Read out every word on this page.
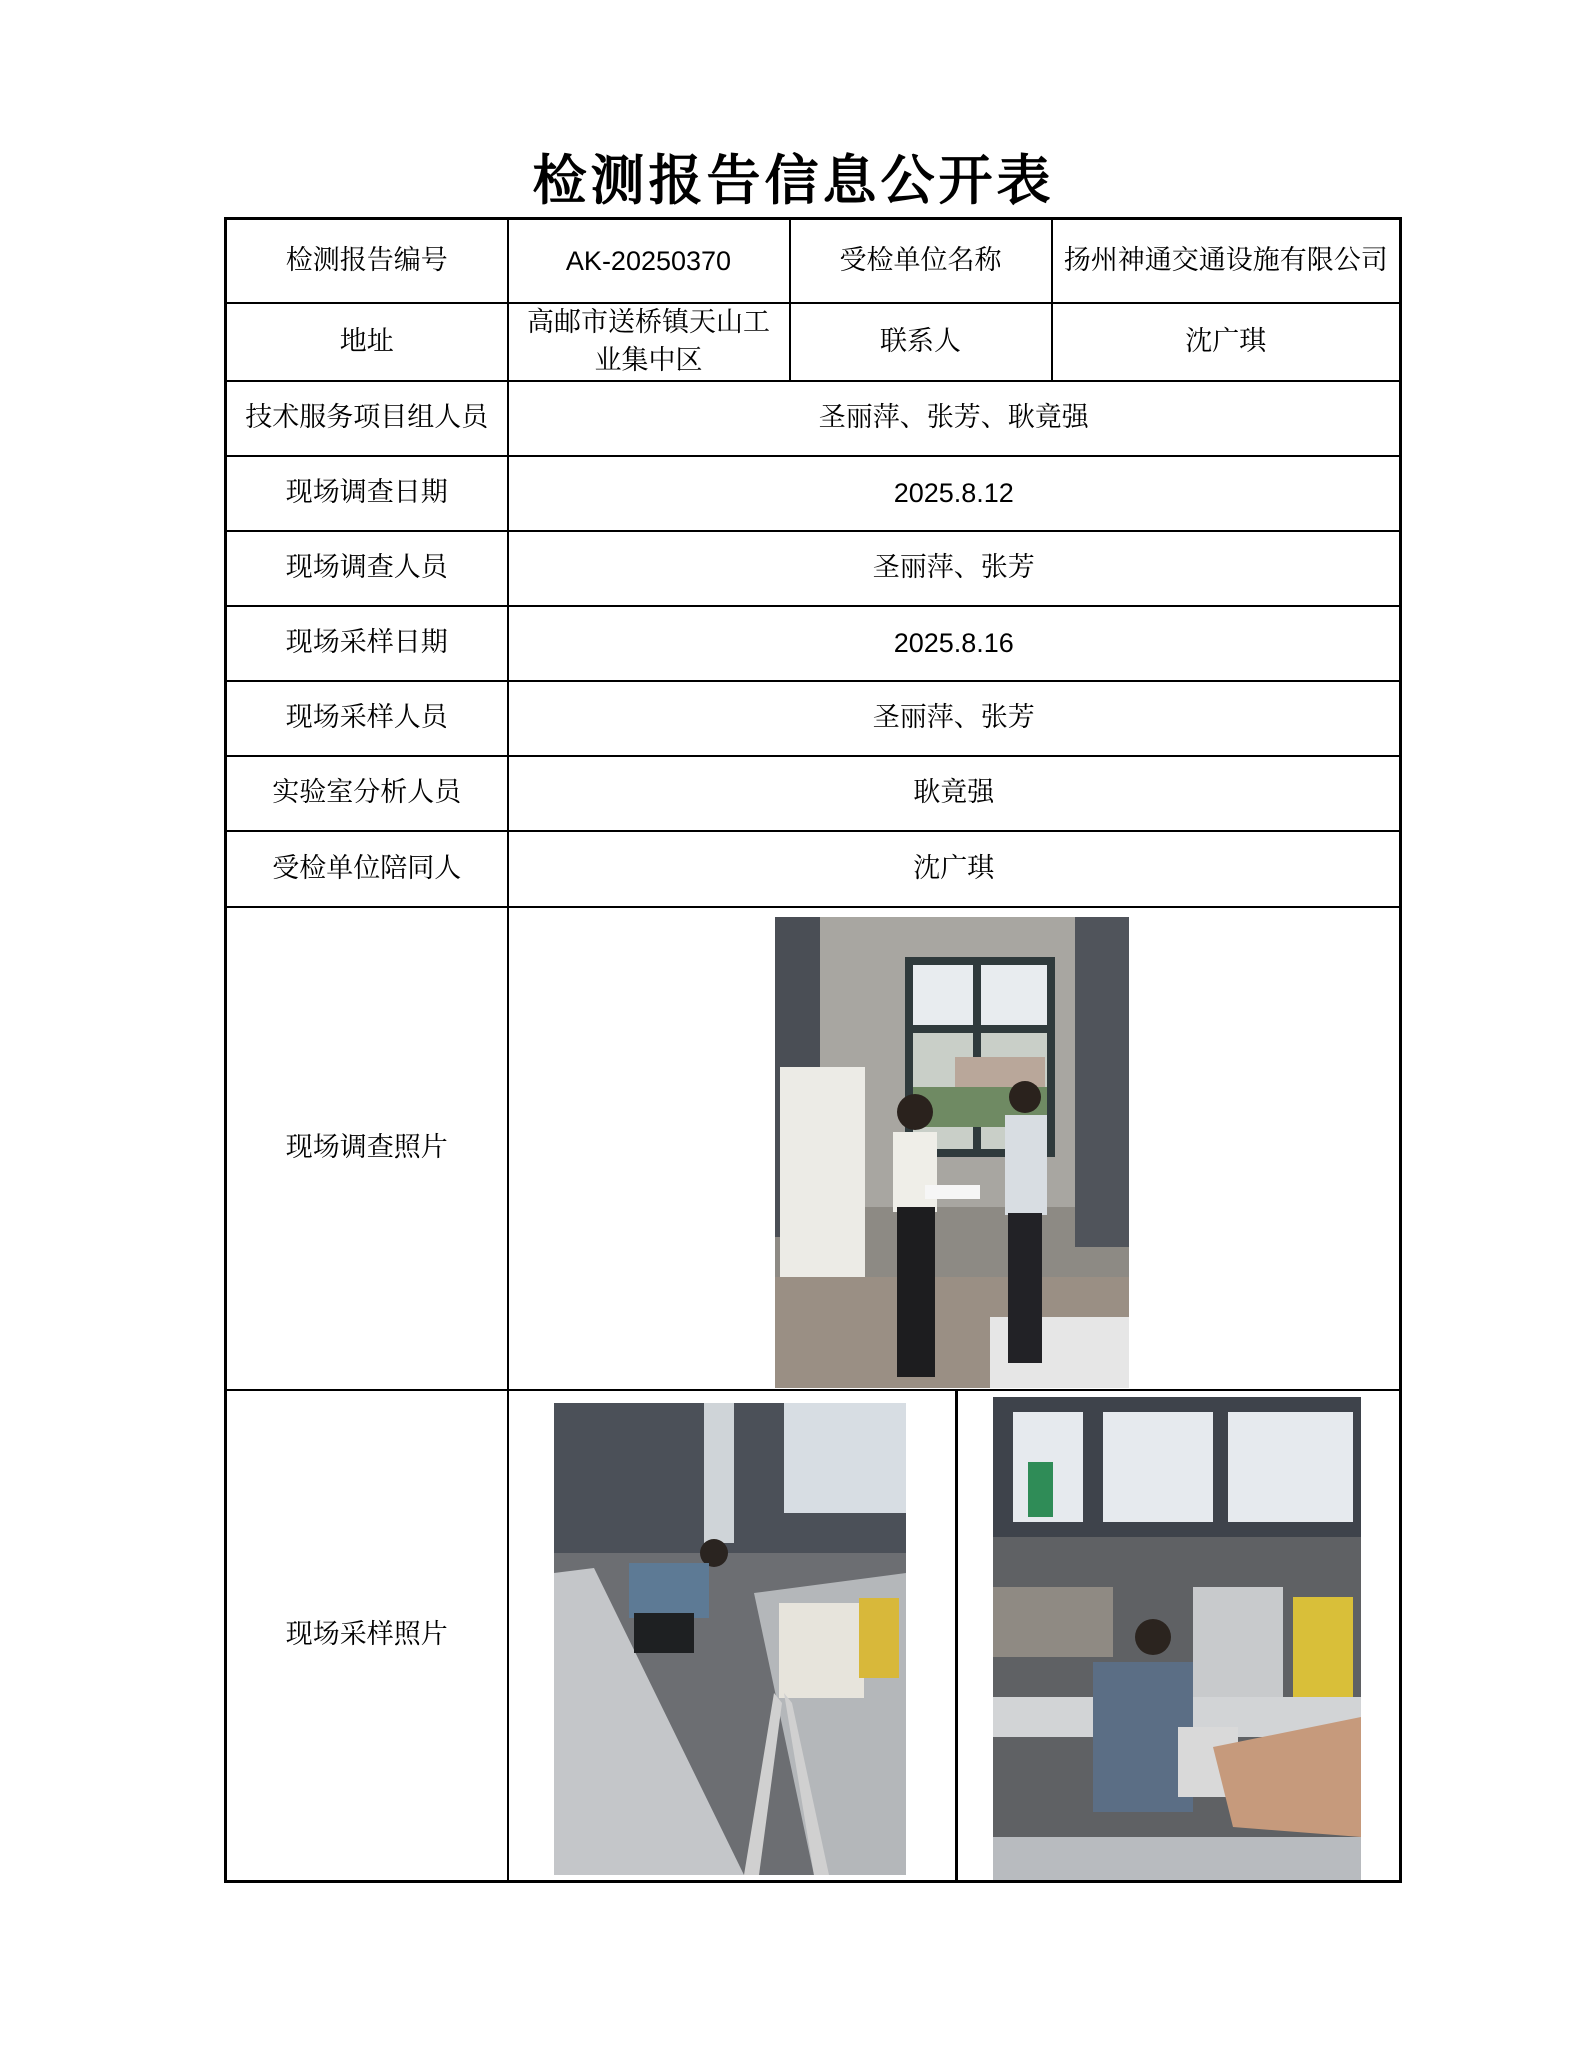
检测报告信息公开表
检测报告编号	AK-20250370	受检单位名称	扬州神通交通设施有限公司
地址	高邮市送桥镇天山工业集中区	联系人	沈广琪
技术服务项目组人员	圣丽萍、张芳、耿竟强		
现场调查日期	2025.8.12		
现场调查人员	圣丽萍、张芳		
现场采样日期	2025.8.16		
现场采样人员	圣丽萍、张芳		
实验室分析人员	耿竟强		
受检单位陪同人	沈广琪		
现场调查照片	

现场采样照片	
